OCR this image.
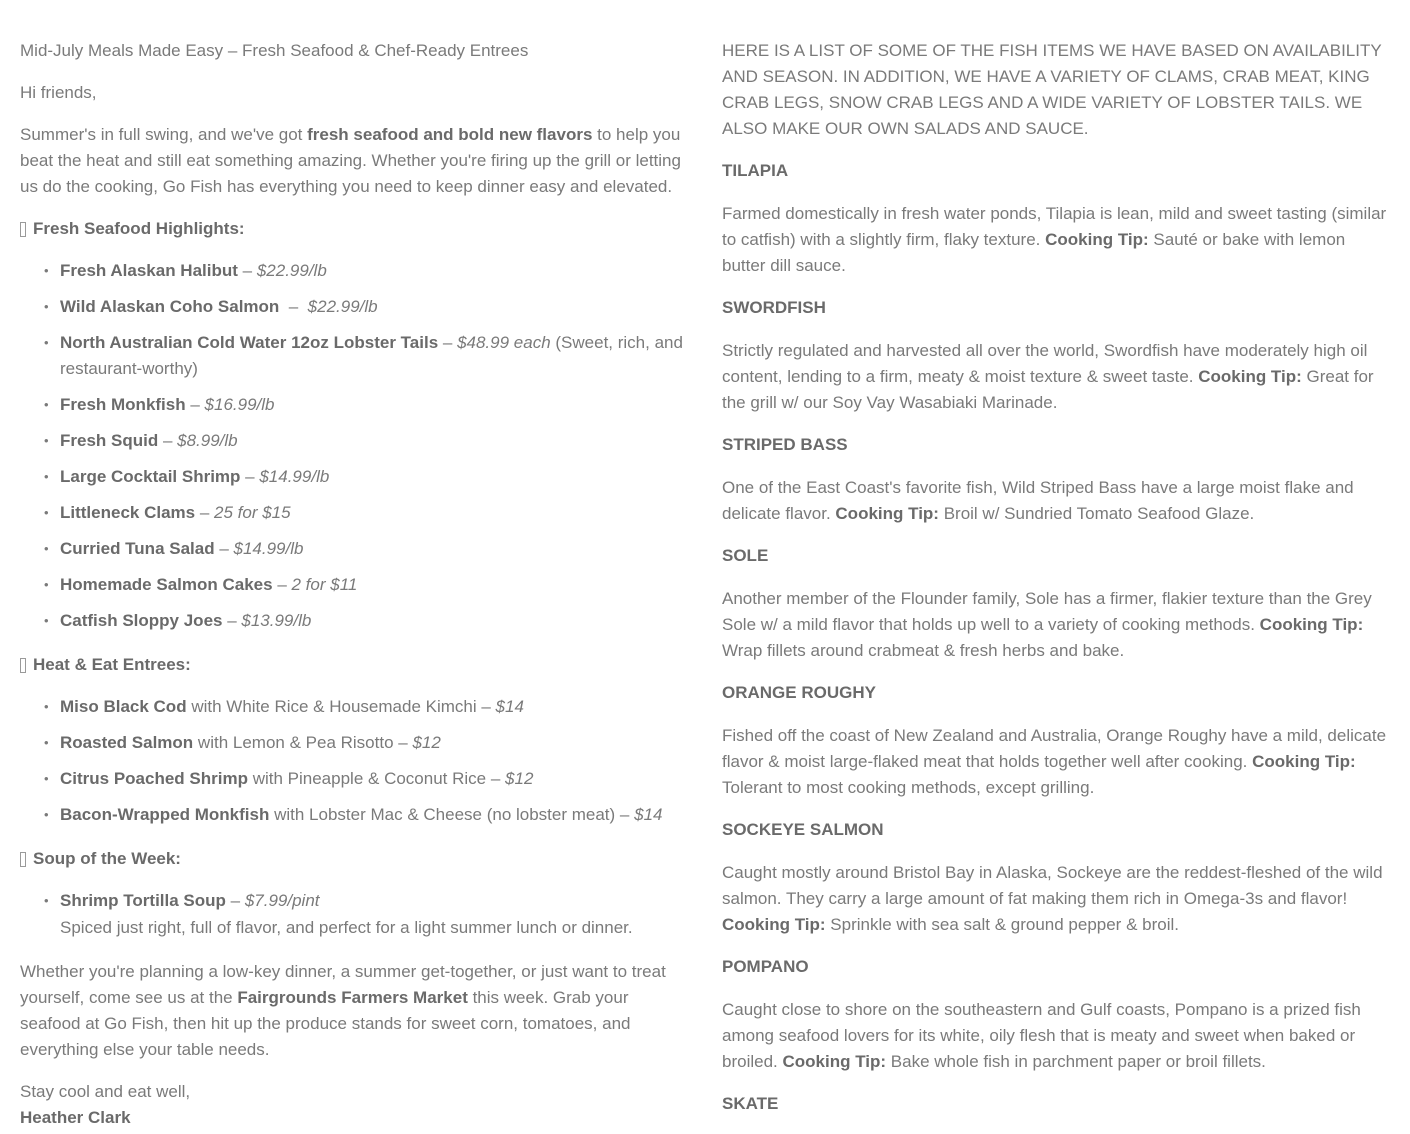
Mid-July Meals Made Easy – Fresh Seafood & Chef-Ready Entrees

Hi friends,

Summer's in full swing, and we've got fresh seafood and bold new flavors to help you beat the heat and still eat something amazing. Whether you're firing up the grill or letting us do the cooking, Go Fish has everything you need to keep dinner easy and elevated.

Fresh Seafood Highlights:
• Fresh Alaskan Halibut – $22.99/lb
• Wild Alaskan Coho Salmon  –  $22.99/lb
• North Australian Cold Water 12oz Lobster Tails – $48.99 each (Sweet, rich, and restaurant-worthy)
• Fresh Monkfish – $16.99/lb
• Fresh Squid – $8.99/lb
• Large Cocktail Shrimp – $14.99/lb
• Littleneck Clams – 25 for $15
• Curried Tuna Salad – $14.99/lb
• Homemade Salmon Cakes – 2 for $11
• Catfish Sloppy Joes – $13.99/lb
Heat & Eat Entrees:
• Miso Black Cod with White Rice & Housemade Kimchi – $14
• Roasted Salmon with Lemon & Pea Risotto – $12
• Citrus Poached Shrimp with Pineapple & Coconut Rice – $12
• Bacon-Wrapped Monkfish with Lobster Mac & Cheese (no lobster meat) – $14
Soup of the Week:
• Shrimp Tortilla Soup – $7.99/pint
Spiced just right, full of flavor, and perfect for a light summer lunch or dinner.

Whether you're planning a low-key dinner, a summer get-together, or just want to treat yourself, come see us at the Fairgrounds Farmers Market this week. Grab your seafood at Go Fish, then hit up the produce stands for sweet corn, tomatoes, and everything else your table needs.

Stay cool and eat well,

Heather Clark

HERE IS A LIST OF SOME OF THE FISH ITEMS WE HAVE BASED ON AVAILABILITY AND SEASON. IN ADDITION, WE HAVE A VARIETY OF CLAMS, CRAB MEAT, KING CRAB LEGS, SNOW CRAB LEGS AND A WIDE VARIETY OF LOBSTER TAILS. WE ALSO MAKE OUR OWN SALADS AND SAUCE.

TILAPIA

Farmed domestically in fresh water ponds, Tilapia is lean, mild and sweet tasting (similar to catfish) with a slightly firm, flaky texture. Cooking Tip: Sauté or bake with lemon butter dill sauce.

SWORDFISH

Strictly regulated and harvested all over the world, Swordfish have moderately high oil content, lending to a firm, meaty & moist texture & sweet taste. Cooking Tip: Great for the grill w/ our Soy Vay Wasabiaki Marinade.

STRIPED BASS

One of the East Coast's favorite fish, Wild Striped Bass have a large moist flake and delicate flavor. Cooking Tip: Broil w/ Sundried Tomato Seafood Glaze.

SOLE

Another member of the Flounder family, Sole has a firmer, flakier texture than the Grey Sole w/ a mild flavor that holds up well to a variety of cooking methods. Cooking Tip: Wrap fillets around crabmeat & fresh herbs and bake.

ORANGE ROUGHY

Fished off the coast of New Zealand and Australia, Orange Roughy have a mild, delicate flavor & moist large-flaked meat that holds together well after cooking. Cooking Tip: Tolerant to most cooking methods, except grilling.

SOCKEYE SALMON

Caught mostly around Bristol Bay in Alaska, Sockeye are the reddest-fleshed of the wild salmon. They carry a large amount of fat making them rich in Omega-3s and flavor! Cooking Tip: Sprinkle with sea salt & ground pepper & broil.

POMPANO

Caught close to shore on the southeastern and Gulf coasts, Pompano is a prized fish among seafood lovers for its white, oily flesh that is meaty and sweet when baked or broiled. Cooking Tip: Bake whole fish in parchment paper or broil fillets.

SKATE
